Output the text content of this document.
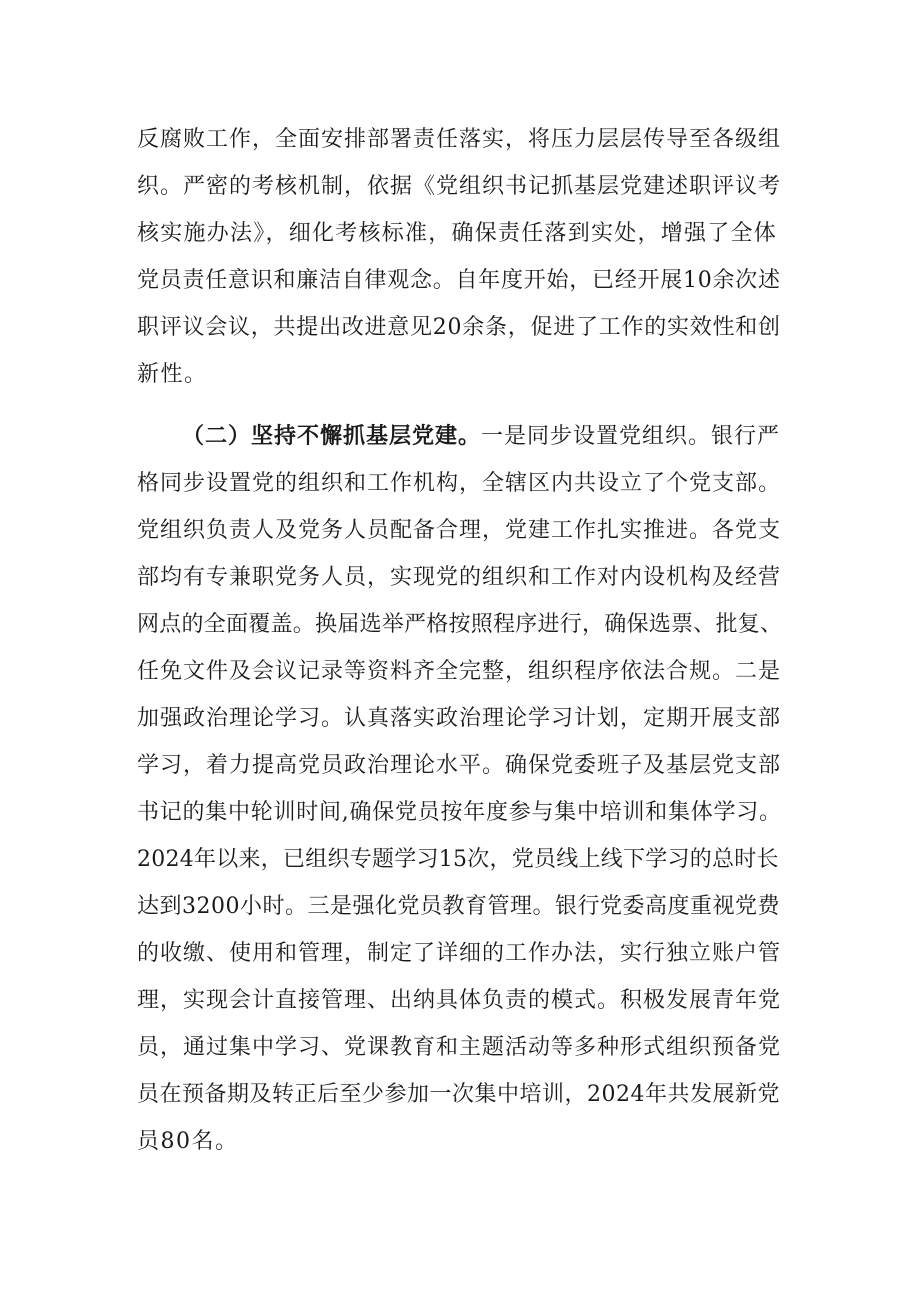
反腐败工作，全面安排部署责任落实，将压力层层传导至各级组
织。严密的考核机制，依据《党组织书记抓基层党建述职评议考
核实施办法》，细化考核标准，确保责任落到实处，增强了全体
党员责任意识和廉洁自律观念。自年度开始，已经开展10余次述
职评议会议，共提出改进意见20余条，促进了工作的实效性和创
新性。
（二）坚持不懈抓基层党建。一是同步设置党组织。银行严
格同步设置党的组织和工作机构，全辖区内共设立了个党支部。
党组织负责人及党务人员配备合理，党建工作扎实推进。各党支
部均有专兼职党务人员，实现党的组织和工作对内设机构及经营
网点的全面覆盖。换届选举严格按照程序进行，确保选票、批复、
任免文件及会议记录等资料齐全完整，组织程序依法合规。二是
加强政治理论学习。认真落实政治理论学习计划，定期开展支部
学习，着力提高党员政治理论水平。确保党委班子及基层党支部
书记的集中轮训时间,确保党员按年度参与集中培训和集体学习。
2024年以来，已组织专题学习15次，党员线上线下学习的总时长
达到3200小时。三是强化党员教育管理。银行党委高度重视党费
的收缴、使用和管理，制定了详细的工作办法，实行独立账户管
理，实现会计直接管理、出纳具体负责的模式。积极发展青年党
员，通过集中学习、党课教育和主题活动等多种形式组织预备党
员在预备期及转正后至少参加一次集中培训，2024年共发展新党
员80名。
